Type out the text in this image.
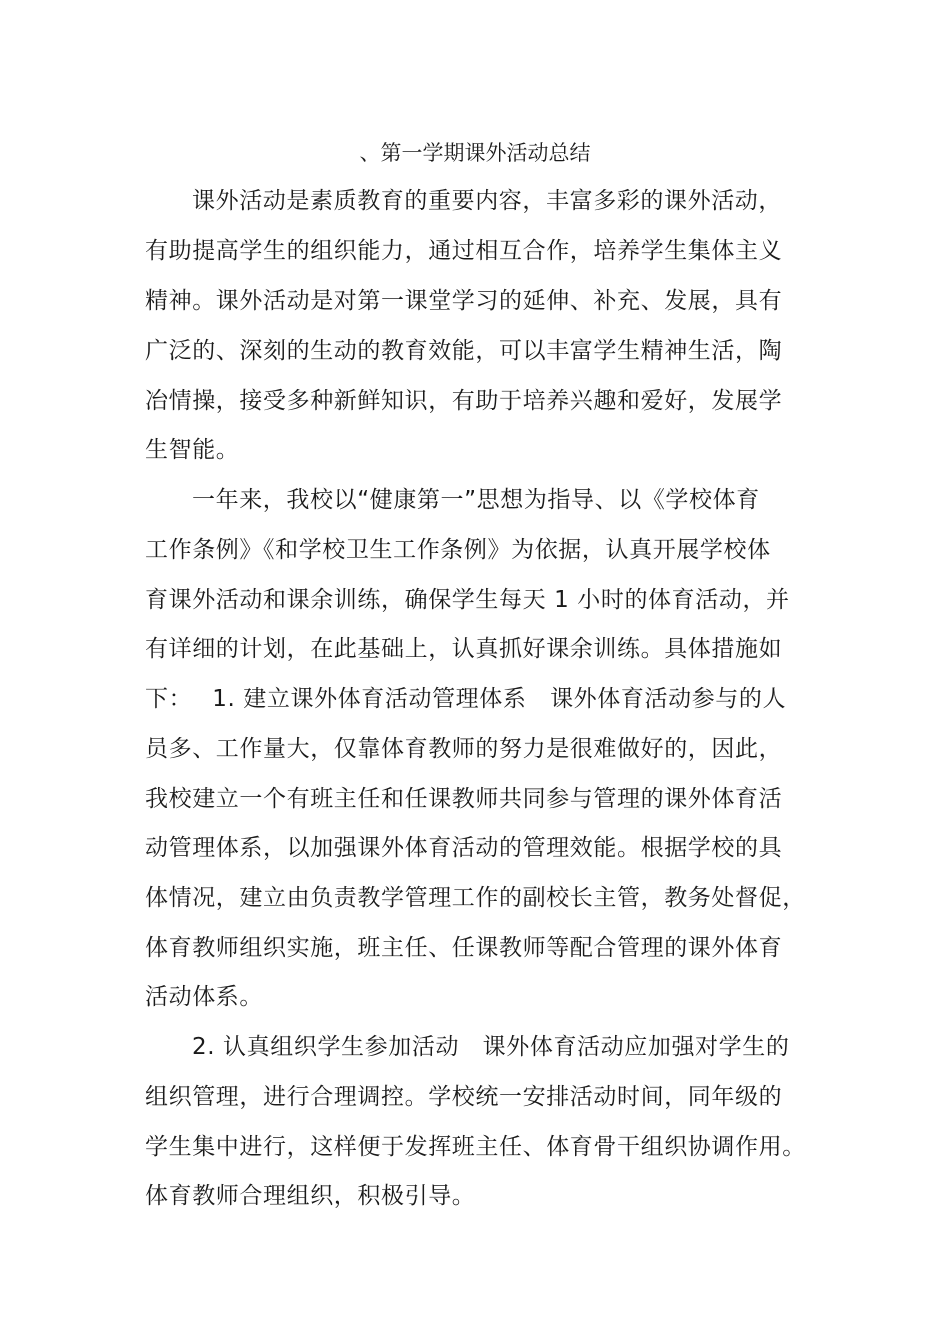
、第一学期课外活动总结
课外活动是素质教育的重要内容，丰富多彩的课外活动，
有助提高学生的组织能力，通过相互合作，培养学生集体主义
精神。课外活动是对第一课堂学习的延伸、补充、发展，具有
广泛的、深刻的生动的教育效能，可以丰富学生精神生活，陶
冶情操，接受多种新鲜知识，有助于培养兴趣和爱好，发展学
生智能。
一年来，我校以“健康第一”思想为指导、以《学校体育
工作条例》《和学校卫生工作条例》为依据，认真开展学校体
育课外活动和课余训练，确保学生每天 1 小时的体育活动，并
有详细的计划，在此基础上，认真抓好课余训练。具体措施如
下：　 1. 建立课外体育活动管理体系　课外体育活动参与的人
员多、工作量大，仅靠体育教师的努力是很难做好的，因此，
我校建立一个有班主任和任课教师共同参与管理的课外体育活
动管理体系，以加强课外体育活动的管理效能。根据学校的具
体情况，建立由负责教学管理工作的副校长主管，教务处督促，
体育教师组织实施，班主任、任课教师等配合管理的课外体育
活动体系。
2. 认真组织学生参加活动　课外体育活动应加强对学生的
组织管理，进行合理调控。学校统一安排活动时间，同年级的
学生集中进行，这样便于发挥班主任、体育骨干组织协调作用。
体育教师合理组织，积极引导。
